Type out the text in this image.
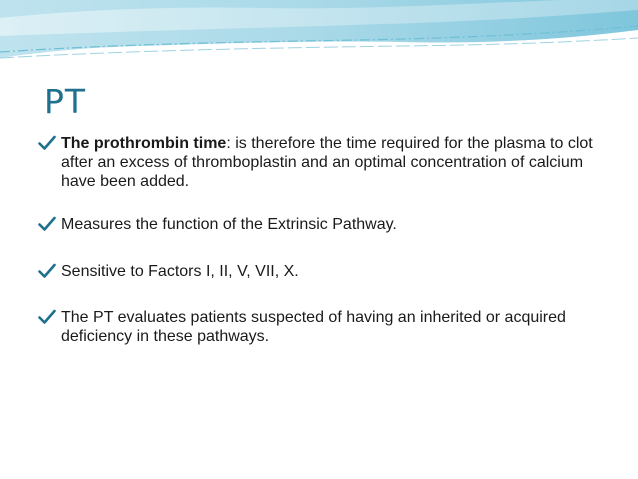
PT
The prothrombin time: is therefore the time required for the plasma to clot after an excess of thromboplastin and an optimal concentration of calcium have been added.
Measures the function of the Extrinsic Pathway.
Sensitive to Factors I, II, V, VII, X.
The PT evaluates patients suspected of having an inherited or acquired deficiency in these pathways.
